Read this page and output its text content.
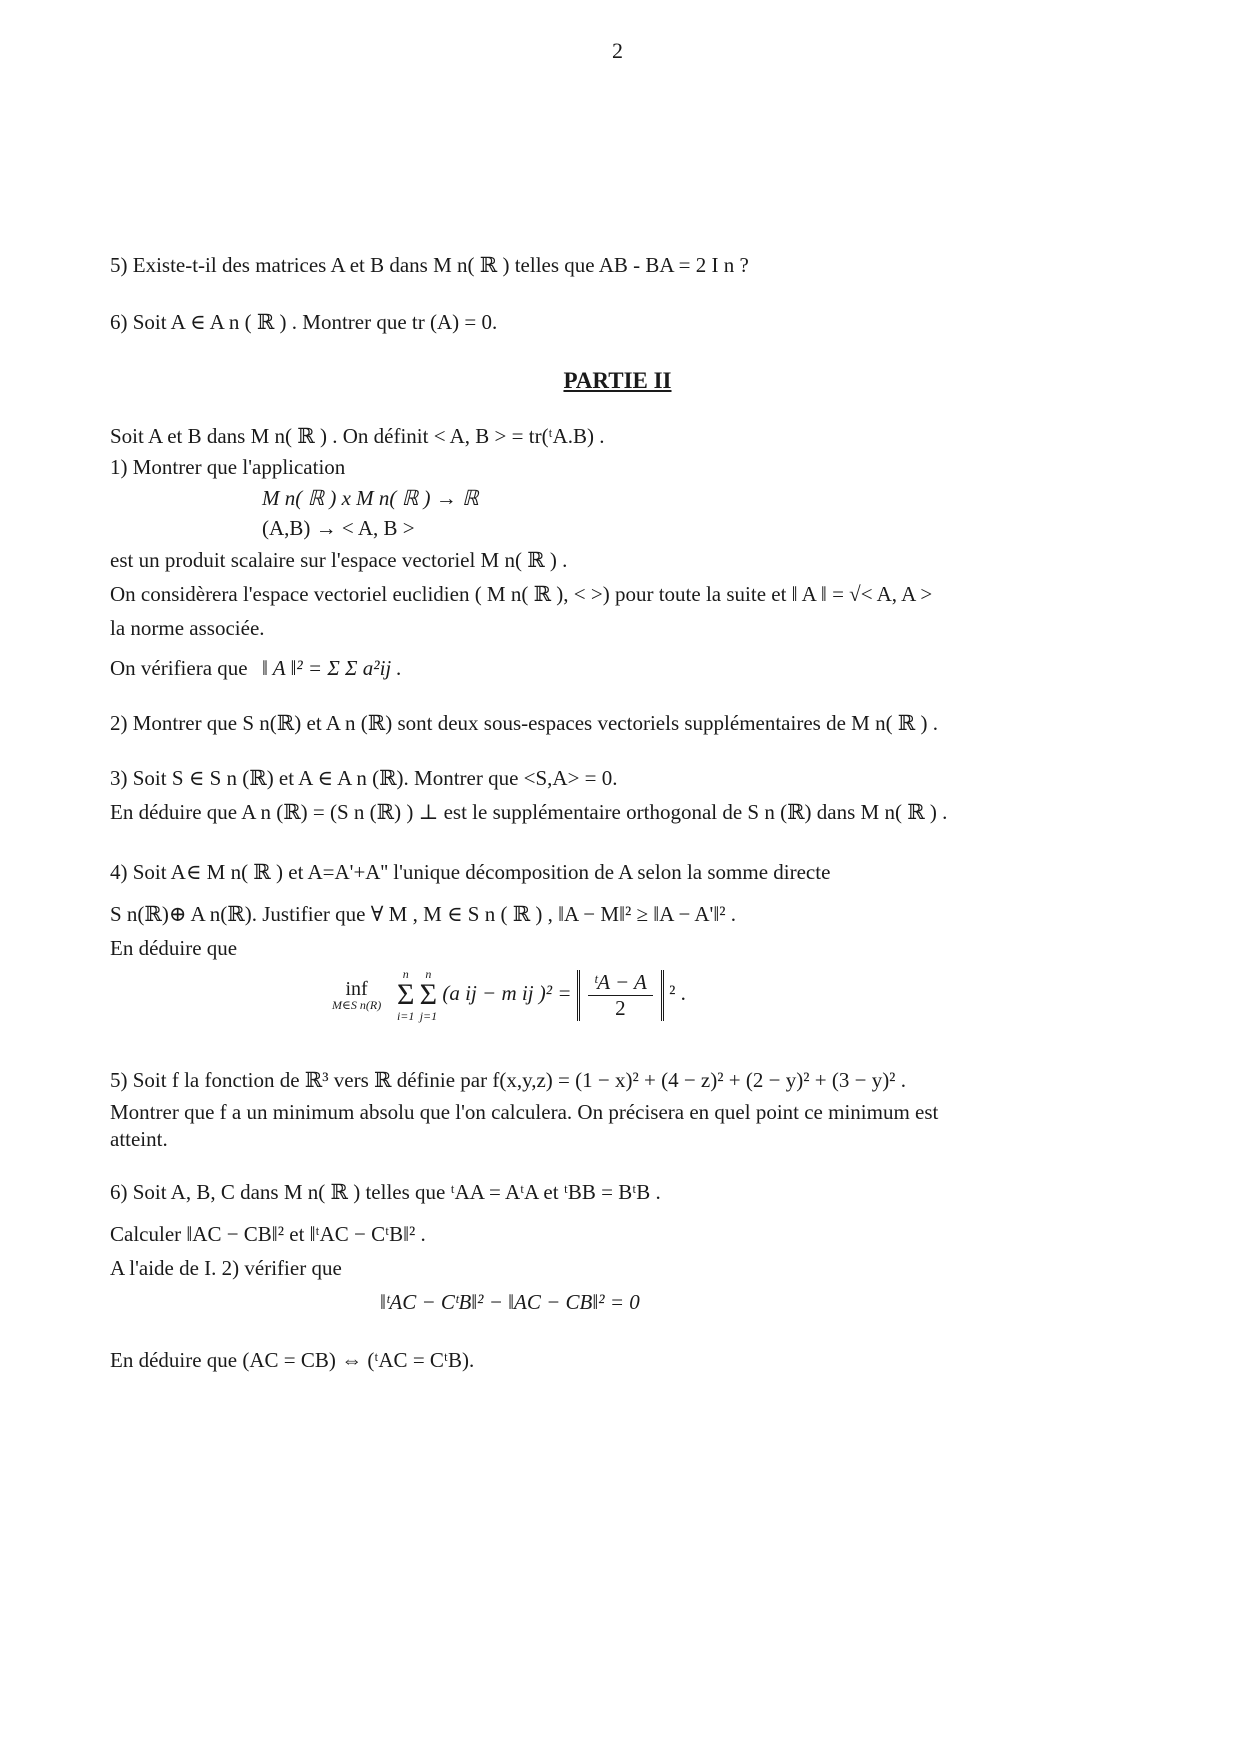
2
5) Existe-t-il des matrices A et B dans M n( ℝ ) telles que AB - BA = 2 I n ?
6) Soit A ∈ A n ( ℝ ) . Montrer que tr (A) = 0.
PARTIE II
Soit A et B dans M n( ℝ ) . On définit < A, B > = tr(ᵗA.B) .
1) Montrer que l'application
M n( ℝ ) x M n( ℝ ) → ℝ
(A,B) → < A, B >
est un produit scalaire sur l'espace vectoriel M n( ℝ ) .
On considèrera l'espace vectoriel euclidien ( M n( ℝ ), < >) pour toute la suite et ‖ A ‖ = √< A, A >
la norme associée.
On vérifiera que ‖ A ‖² = Σ Σ a²ij .
2) Montrer que S n(ℝ) et A n (ℝ) sont deux sous-espaces vectoriels supplémentaires de M n( ℝ ) .
3) Soit S ∈ S n (ℝ) et A ∈ A n (ℝ). Montrer que <S,A> = 0.
En déduire que A n (ℝ) = (S n (ℝ) ) ⊥ est le supplémentaire orthogonal de S n (ℝ) dans M n( ℝ ) .
4) Soit A∈ M n( ℝ ) et A=A'+A'' l'unique décomposition de A selon la somme directe
S n(ℝ)⊕ A n(ℝ). Justifier que ∀ M , M ∈ S n ( ℝ ) , ‖A − M‖² ≥ ‖A − A'‖² .
En déduire que
inf
M∈S n(R)

n
Σ
i=1

n
Σ
j=1
(a ij − m ij )$^2 = \frac{\text{ᵗA − A}}{2} ^2$ .
5) Soit f la fonction de ℝ³ vers ℝ définie par f(x,y,z) = (1 − x)² + (4 − z)² + (2 − y)² + (3 − y)² .
Montrer que f a un minimum absolu que l'on calculera. On précisera en quel point ce minimum est
atteint.
6) Soit A, B, C dans M n( ℝ ) telles que ᵗAA = AᵗA et ᵗBB = BᵗB .
Calculer ‖AC − CB‖² et ‖ᵗAC − CᵗB‖² .
A l'aide de I. 2) vérifier que
‖ᵗAC − CᵗB‖² − ‖AC − CB‖² = 0
En déduire que (AC = CB) ⇔ (ᵗAC = CᵗB).
